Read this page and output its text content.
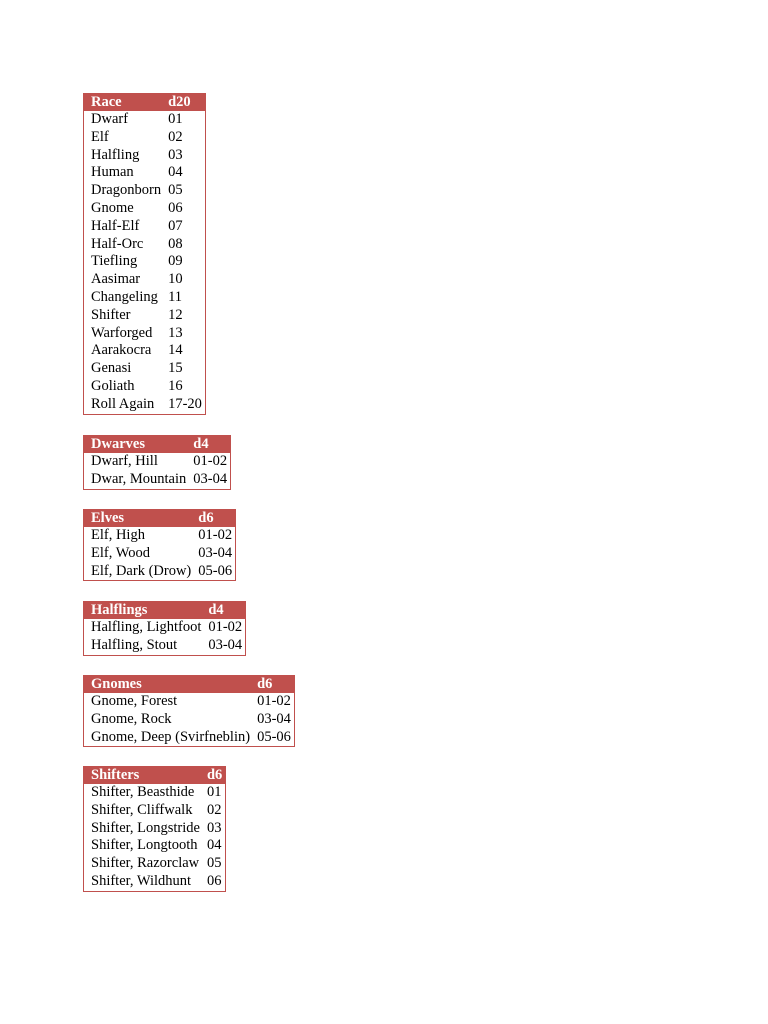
Race	d20
Dwarf	01
Elf	02
Halfling	03
Human	04
Dragonborn	05
Gnome	06
Half-Elf	07
Half-Orc	08
Tiefling	09
Aasimar	10
Changeling	11
Shifter	12
Warforged	13
Aarakocra	14
Genasi	15
Goliath	16
Roll Again	17-20
Dwarves	d4
Dwarf, Hill	01-02
Dwar, Mountain	03-04
Elves	d6
Elf, High	01-02
Elf, Wood	03-04
Elf, Dark (Drow)	05-06
Halflings	d4
Halfling, Lightfoot	01-02
Halfling, Stout	03-04
Gnomes	d6
Gnome, Forest	01-02
Gnome, Rock	03-04
Gnome, Deep (Svirfneblin)	05-06
Shifters	d6
Shifter, Beasthide	01
Shifter, Cliffwalk	02
Shifter, Longstride	03
Shifter, Longtooth	04
Shifter, Razorclaw	05
Shifter, Wildhunt	06
